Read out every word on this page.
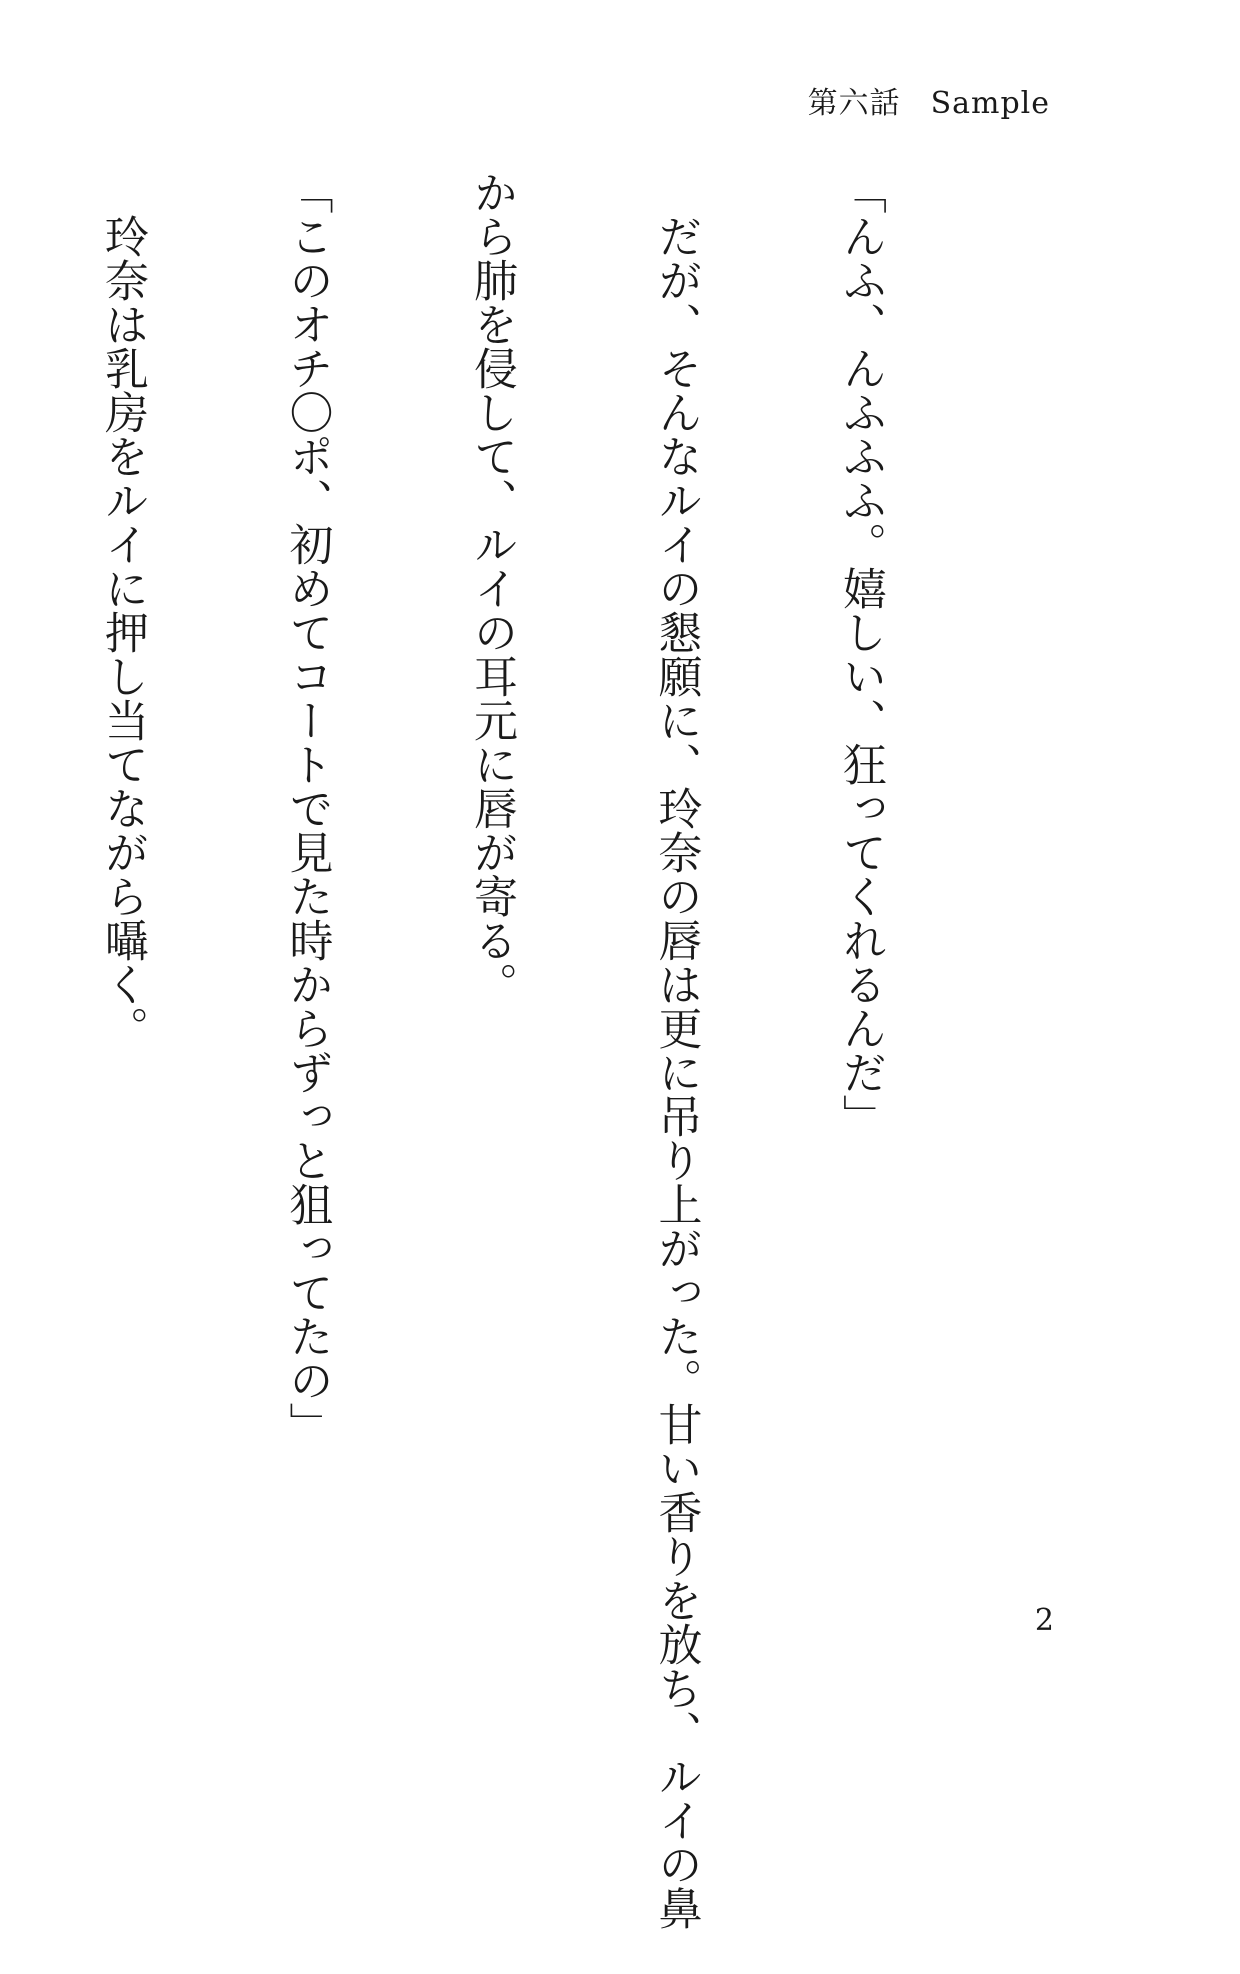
第六話 Sample

「んふ、んふふふ。嬉しい、狂ってくれるんだ」

　だが、そんなルイの懇願に、玲奈の唇は更に吊り上がった。甘い香りを放ち、ルイの鼻

から肺を侵して、ルイの耳元に唇が寄る。

「このオチ〇ポ、初めてコートで見た時からずっと狙ってたの」

　玲奈は乳房をルイに押し当てながら囁く。

2
